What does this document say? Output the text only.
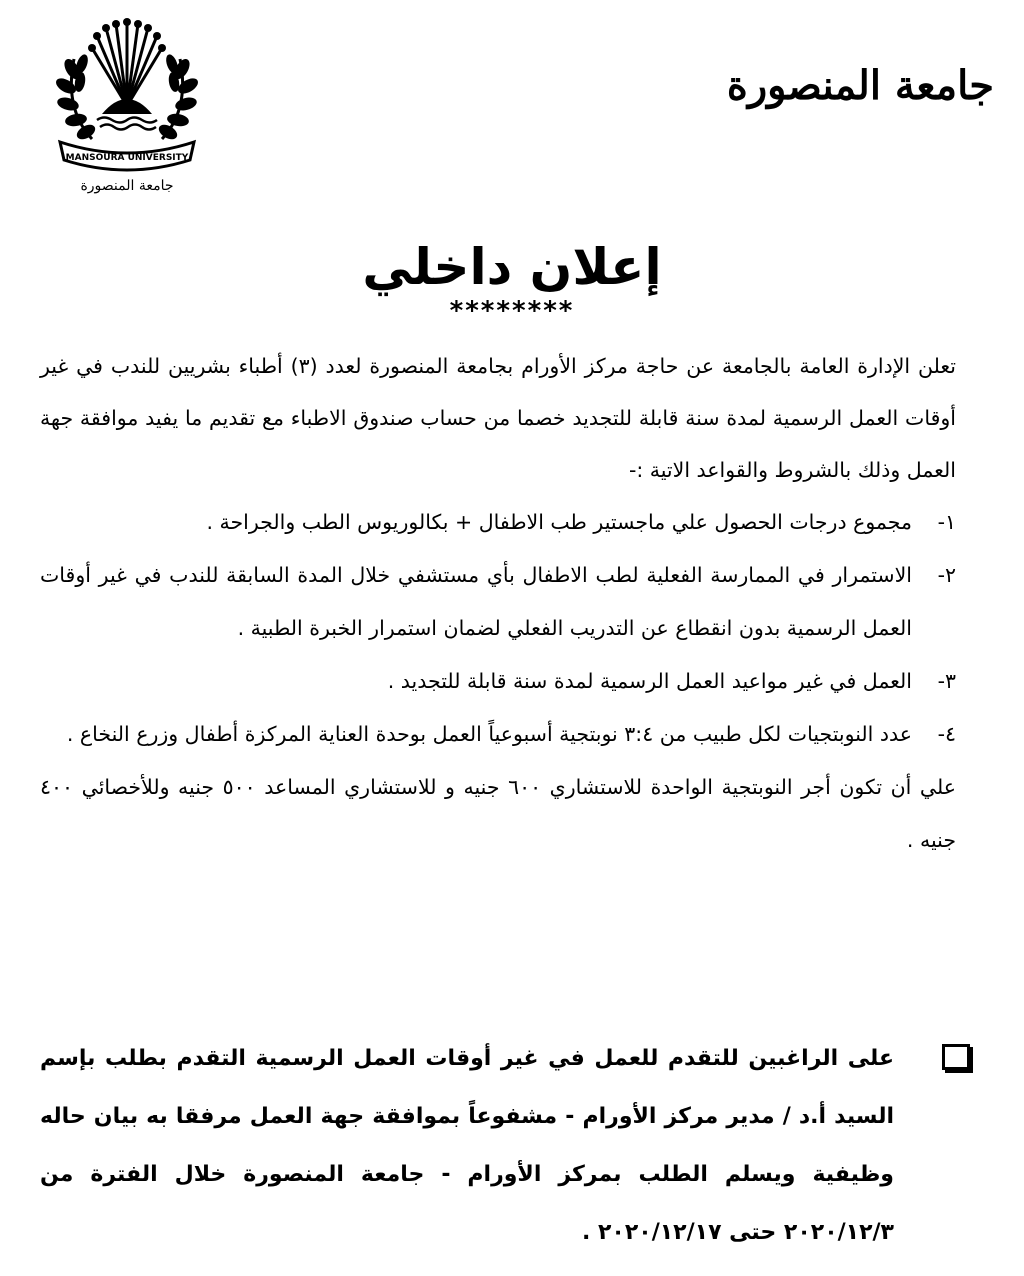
MANSOURA UNIVERSITY
جامعة المنصورة
جامعة المنصورة
إعلان داخلي
********
تعلن الإدارة العامة بالجامعة عن حاجة مركز الأورام بجامعة المنصورة لعدد (٣) أطباء بشريين للندب في غير أوقات العمل الرسمية لمدة سنة قابلة للتجديد خصما من حساب صندوق الاطباء مع تقديم ما يفيد موافقة جهة العمل وذلك بالشروط والقواعد الاتية :-
١-
مجموع درجات الحصول علي ماجستير طب الاطفال + بكالوريوس الطب والجراحة .
٢-
الاستمرار في الممارسة الفعلية لطب الاطفال بأي مستشفي خلال المدة السابقة للندب في غير أوقات العمل الرسمية بدون انقطاع عن التدريب الفعلي لضمان استمرار الخبرة الطبية .
٣-
العمل في غير مواعيد العمل الرسمية لمدة سنة قابلة للتجديد .
٤-
عدد النوبتجيات لكل طبيب من ٣:٤ نوبتجية أسبوعياً العمل بوحدة العناية المركزة أطفال وزرع النخاع .
علي أن تكون أجر النوبتجية الواحدة للاستشاري ٦٠٠ جنيه و للاستشاري المساعد ٥٠٠ جنيه وللأخصائي ٤٠٠ جنيه .
على الراغبين للتقدم للعمل في غير أوقات العمل الرسمية التقدم بطلب بإسم السيد أ.د / مدير مركز الأورام - مشفوعاً بموافقة جهة العمل مرفقا به بيان حاله وظيفية ويسلم الطلب بمركز الأورام - جامعة المنصورة خلال الفترة من ٢٠٢٠/١٢/٣ حتى ٢٠٢٠/١٢/١٧ .
